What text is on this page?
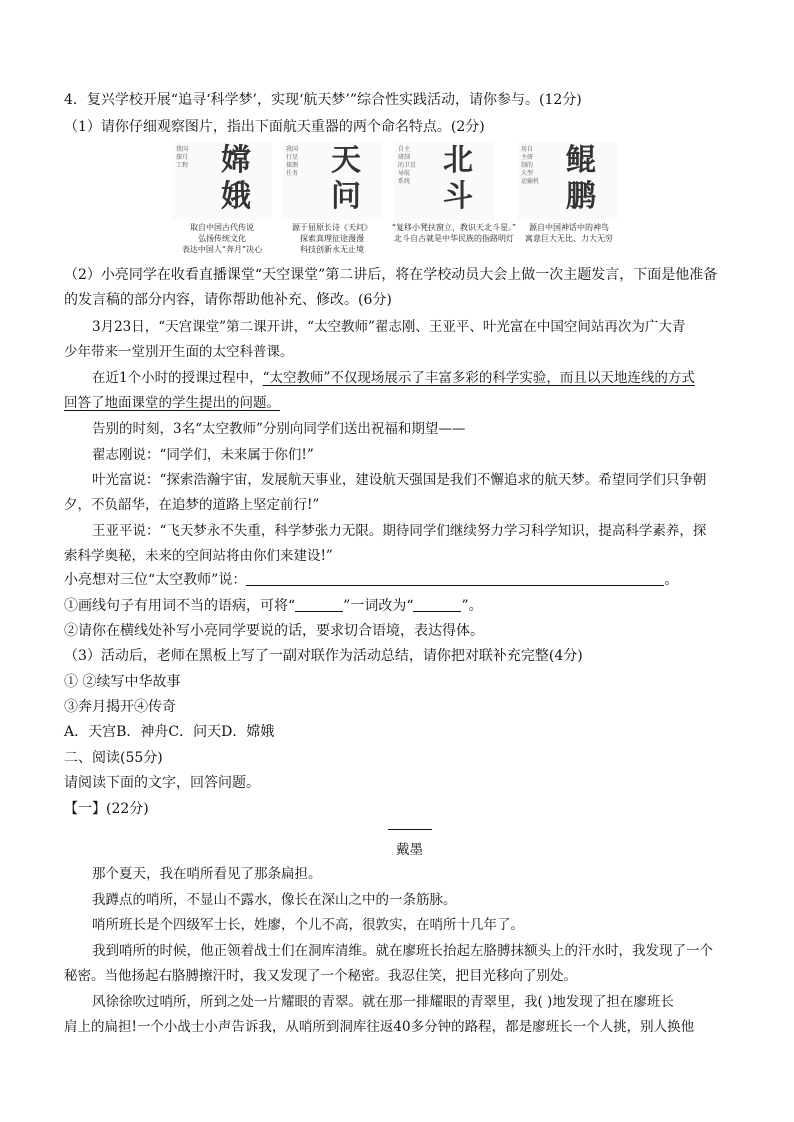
4．复兴学校开展“追寻‘科学梦’，实现‘航天梦’”综合性实践活动，请你参与。(12分)
（1）请你仔细观察图片，指出下面航天重器的两个命名特点。(2分)
我国
探月
工程	嫦
娥
取自中国古代传说
弘扬传统文化
表达中国人“奔月”决心
我国
行星
探测
任务	天
问
源于屈原长诗《天问》
探索真理征途漫漫
科技创新永无止境
自主
研制
的卫星
导航
系统
北
斗
“复移小凳扶窗立，教识天北斗星。”
北斗自古就是中华民族的指路明灯
用自
主研
制的
大型
运输机
鲲
鹏
源自中国神话中的神鸟
寓意巨大无比、力大无穷
（2）小亮同学在收看直播课堂“天空课堂”第二讲后，将在学校动员大会上做一次主题发言，下面是他准备
的发言稿的部分内容，请你帮助他补充、修改。(6分)
3月23日，“天宫课堂”第二课开讲，“太空教师”翟志刚、王亚平、叶光富在中国空间站再次为广大青
少年带来一堂別开生面的太空科普课。
在近1个小时的授课过程中，“太空教师”不仅现场展示了丰富多彩的科学实验，而且以天地连线的方式
回答了地面课堂的学生提出的问题。
告别的时刻，3名“太空教师”分别向同学们送出祝福和期望——
翟志刚说：“同学们，未来属于你们!”
叶光富说：“探索浩瀚宇宙，发展航天事业，建设航天强国是我们不懈追求的航天梦。希望同学们只争朝
夕，不负韶华，在追梦的道路上坚定前行!”
王亚平说：“飞天梦永不失重，科学梦张力无限。期待同学们继续努力学习科学知识，提高科学素养，探
索科学奥秘，未来的空间站将由你们来建设!”
小亮想对三位“太空教师”说：	。
①画线句子有用词不当的语病，可将“	”一词改为“	”。
②请你在横线处补写小亮同学要说的话，要求切合语境，表达得体。
（3）活动后，老师在黑板上写了一副对联作为活动总结，请你把对联补充完整(4分)
① ②续写中华故事
③奔月揭开④传奇
A．天宫B．神舟C．问天D．嫦娥
二、阅读(55分)
请阅读下面的文字，回答问题。
【一】(22分)
戴墨
那个夏天，我在哨所看见了那条扁担。
我蹲点的哨所，不显山不露水，像长在深山之中的一条筋脉。
哨所班长是个四级军士长，姓廖，个儿不高，很敦实，在哨所十几年了。
我到哨所的时候，他正领着战士们在洞库清维。就在廖班长抬起左胳膊抹额头上的汗水时，我发现了一个
秘密。当他扬起右胳膊擦汗时，我又发现了一个秘密。我忍住笑，把目光移向了别处。
风徐徐吹过哨所，所到之处一片耀眼的青翠。就在那一排耀眼的青翠里，我( )地发现了担在廖班长
肩上的扁担!一个小战士小声告诉我，从哨所到洞库往返40多分钟的路程，都是廖班长一个人挑，别人换他
